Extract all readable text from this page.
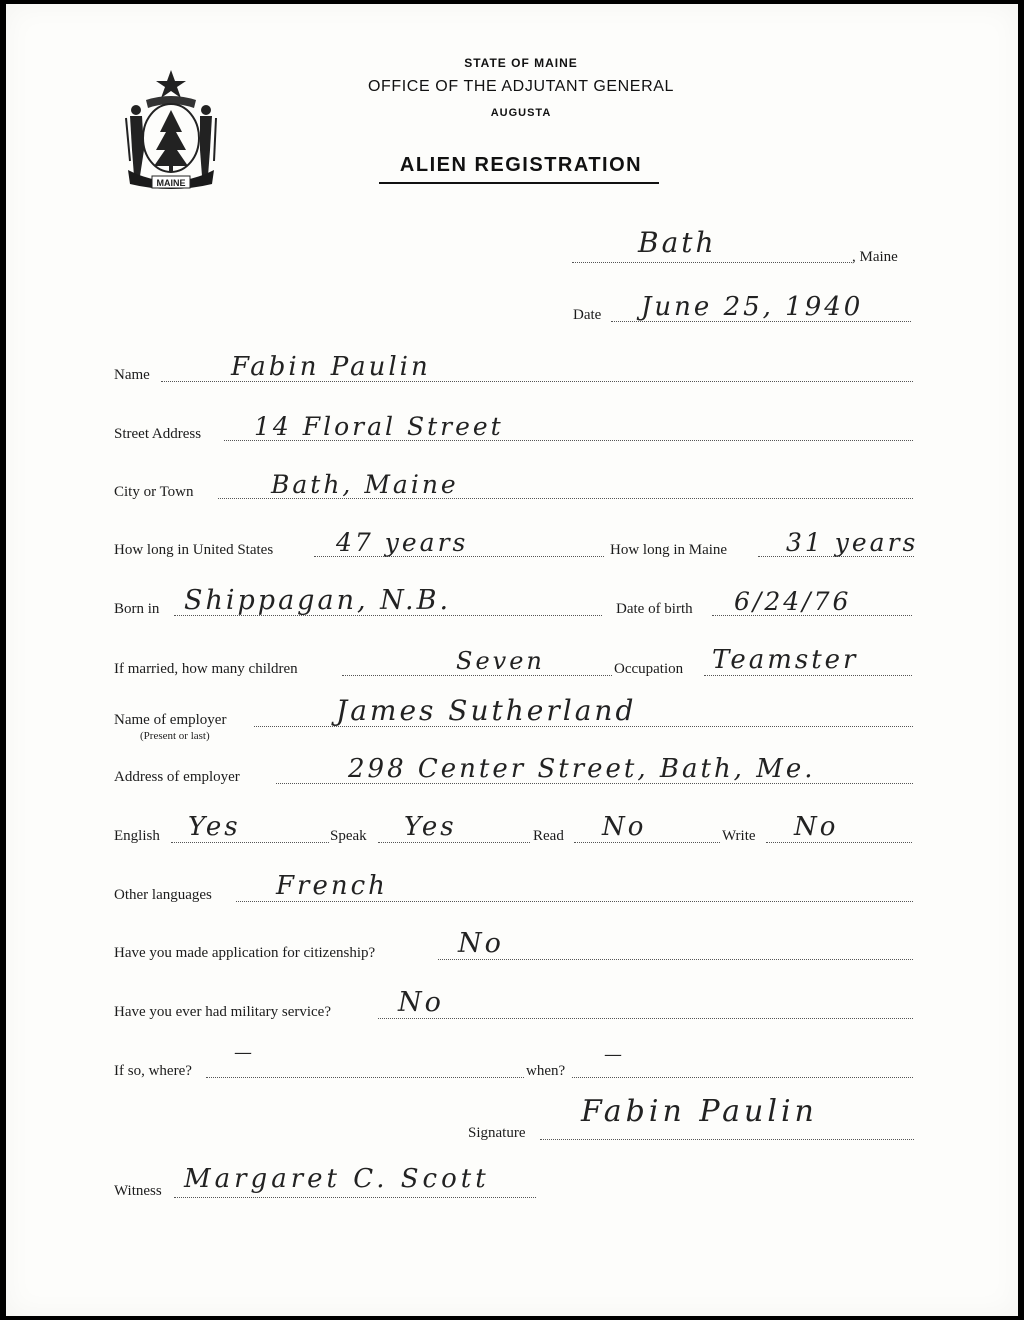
MAINE
STATE OF MAINE
OFFICE OF THE ADJUTANT GENERAL
AUGUSTA
ALIEN REGISTRATION
Bath	, Maine
Date June 25, 1940
Name	Fabin Paulin
Street Address 14 Floral Street
City or Town	Bath, Maine
How long in United States	47 years	How long in Maine 31 years
Born in Shippagan, N.B.	Date of birth 6/24/76
If married, how many children	Seven	Occupation Teamster
Name of employer
(Present or last)
James Sutherland
Address of employer	298 Center Street, Bath, Me.
English Yes	Speak Yes	Read No	Write No
Other languages French
Have you made application for citizenship?	No
Have you ever had military service? No
If so, where?
—
when?
—
Signature
Fabin Paulin
Witness Margaret C. Scott
